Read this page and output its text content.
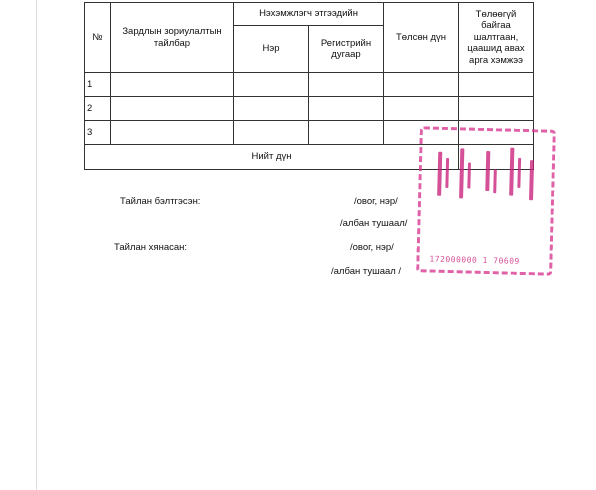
№	Зардлын зориулалтын тайлбар	Нэхэмжлэгч этгээдийн		Төлсөн дүн	Төлөөгүй байгаа шалтгаан, цаашид авах арга хэмжээ
		Нэр	Регистрийн дугаар		
1					
2					
3					
Нийт дүн					
Тайлан бэлтгэсэн:	/овог, нэр/
/албан тушаал/
Тайлан хянасан:	/овог, нэр/
/албан тушаал /
172000000 1 70609
